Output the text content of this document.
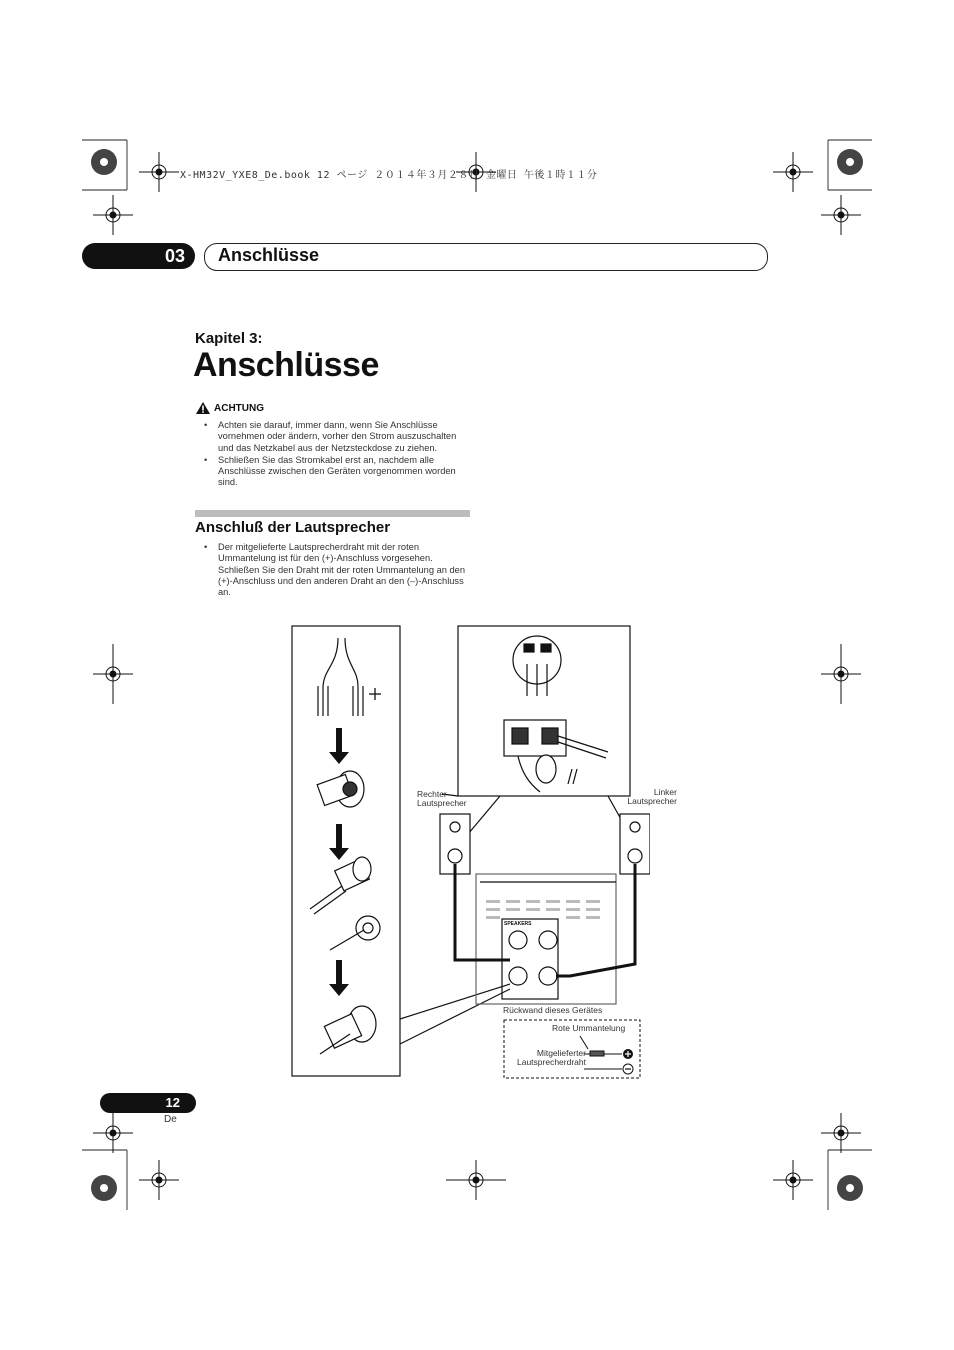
X-HM32V_YXE8_De.book 12 ページ ２０１４年３月２８日 金曜日 午後１時１１分
03 Anschlüsse
Kapitel 3:
Anschlüsse
ACHTUNG
• Achten sie darauf, immer dann, wenn Sie Anschlüsse vornehmen oder ändern, vorher den Strom auszuschalten und das Netzkabel aus der Netzsteckdose zu ziehen.
• Schließen Sie das Stromkabel erst an, nachdem alle Anschlüsse zwischen den Geräten vorgenommen worden sind.
Anschluß der Lautsprecher
• Der mitgelieferte Lautsprecherdraht mit der roten Ummantelung ist für den (+)-Anschluss vorgesehen. Schließen Sie den Draht mit der roten Ummantelung an den (+)-Anschluss und den anderen Draht an den (–)-Anschluss an.
SPEAKERS
Rechter Lautsprecher
Linker Lautsprecher
Rückwand dieses Gerätes
Rote Ummantelung
Mitgelieferter Lautsprecherdraht
12
De
